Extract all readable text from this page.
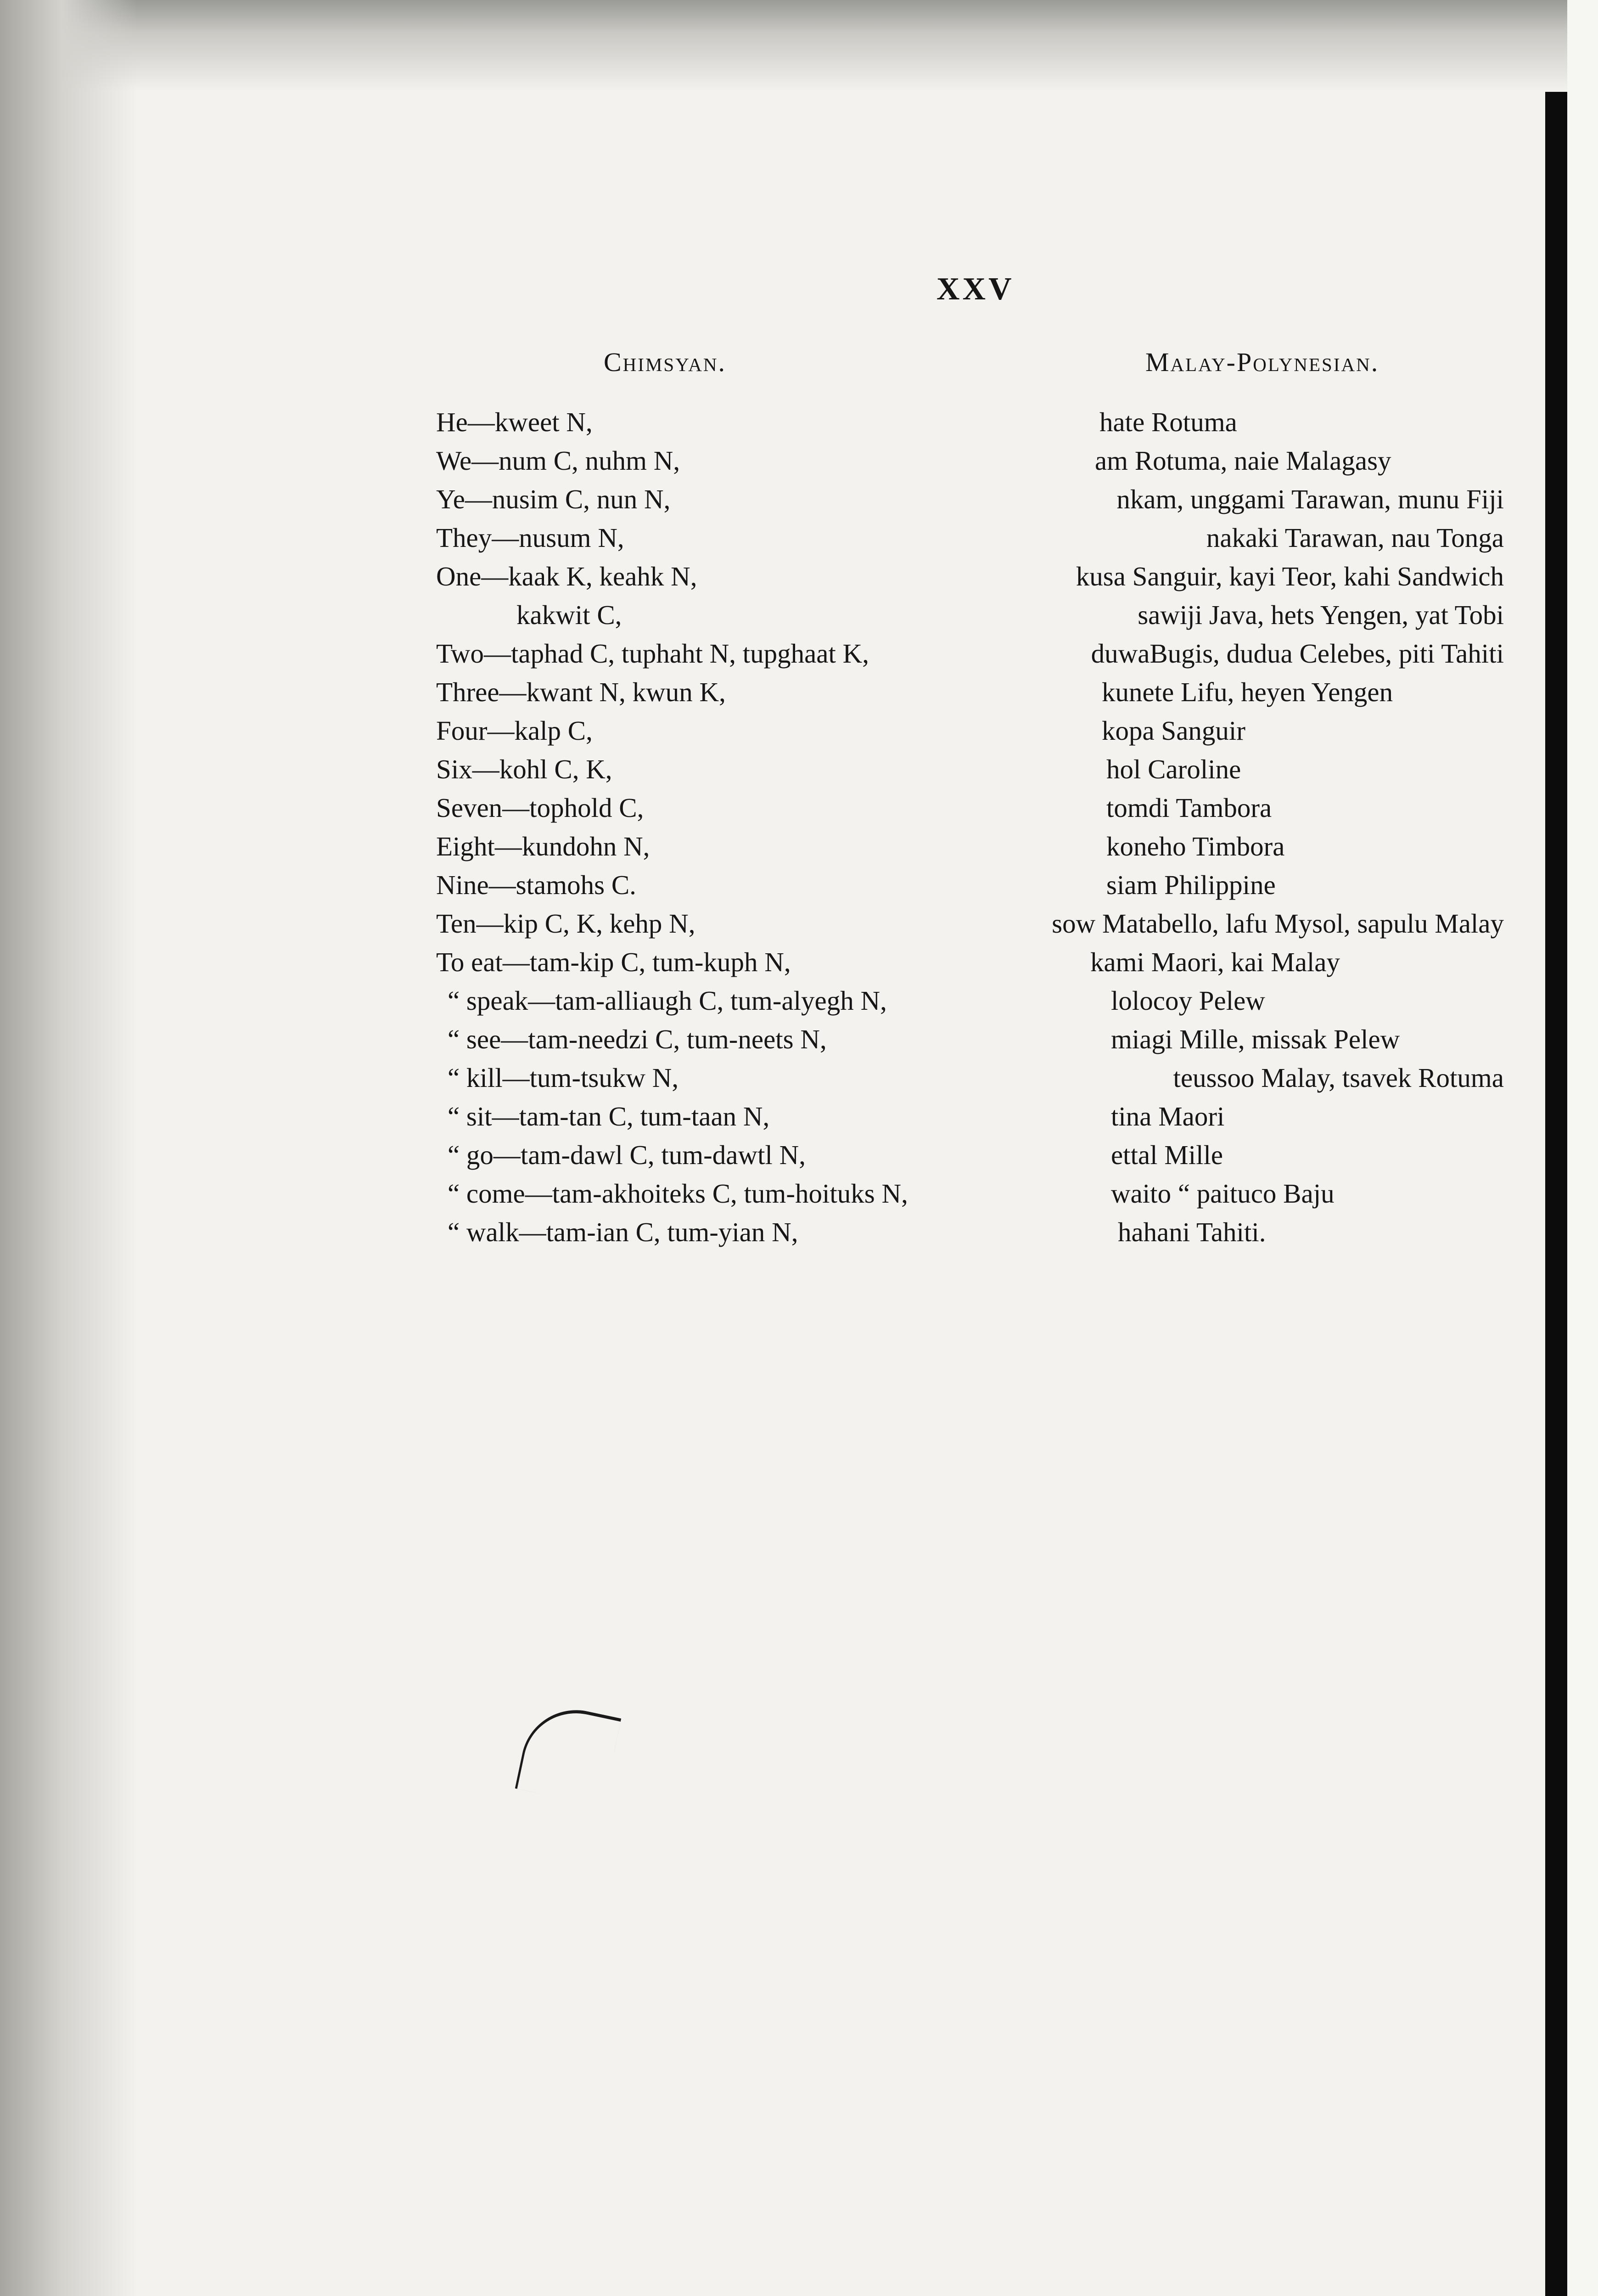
XXV
Chimsyan.	Malay-Polynesian.
He—kweet N,	hate Rotuma
We—num C, nuhm N,	am Rotuma, naie Malagasy
Ye—nusim C, nun N,	nkam, unggami Tarawan, munu Fiji
They—nusum N,	nakaki Tarawan, nau Tonga
One—kaak K, keahk N,	kusa Sanguir, kayi Teor, kahi Sandwich
kakwit C,	sawiji Java, hets Yengen, yat Tobi
Two—taphad C, tuphaht N, tupghaat K,	duwaBugis, dudua Celebes, piti Tahiti
Three—kwant N, kwun K,	kunete Lifu, heyen Yengen
Four—kalp C,	kopa Sanguir
Six—kohl C, K,	hol Caroline
Seven—tophold C,	tomdi Tambora
Eight—kundohn N,	koneho Timbora
Nine—stamohs C.	siam Philippine
Ten—kip C, K, kehp N,	sow Matabello, lafu Mysol, sapulu Malay
To eat—tam-kip C, tum-kuph N,	kami Maori, kai Malay
“ speak—tam-alliaugh C, tum-alyegh N,	lolocoy Pelew
“ see—tam-needzi C, tum-neets N,	miagi Mille, missak Pelew
“ kill—tum-tsukw N,	teussoo Malay, tsavek Rotuma
“ sit—tam-tan C, tum-taan N,	tina Maori
“ go—tam-dawl C, tum-dawtl N,	ettal Mille
“ come—tam-akhoiteks C, tum-hoituks N,	waito “ paituco Baju
“ walk—tam-ian C, tum-yian N,	hahani Tahiti.
